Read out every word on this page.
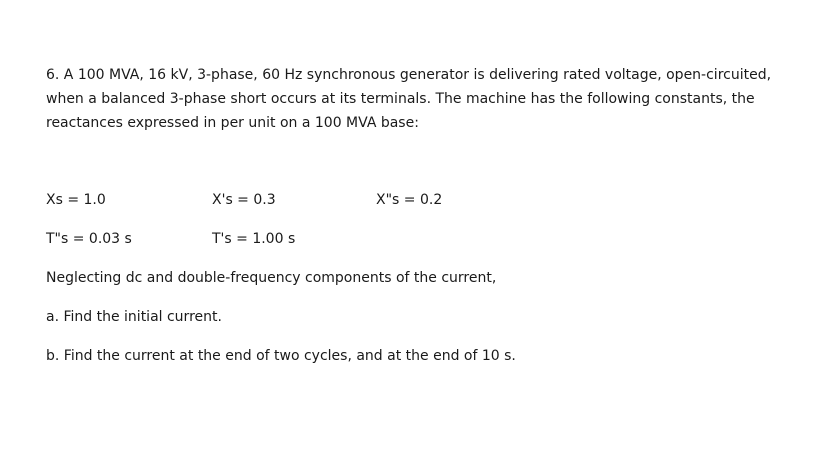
6. A 100 MVA, 16 kV, 3-phase, 60 Hz synchronous generator is delivering rated voltage, open-circuited, when a balanced 3-phase short occurs at its terminals. The machine has the following constants, the reactances expressed in per unit on a 100 MVA base:

Xs = 1.0	X's = 0.3	X"s = 0.2
T"s = 0.03 s	T's = 1.00 s
Neglecting dc and double-frequency components of the current,
a. Find the initial current.
b. Find the current at the end of two cycles, and at the end of 10 s.
